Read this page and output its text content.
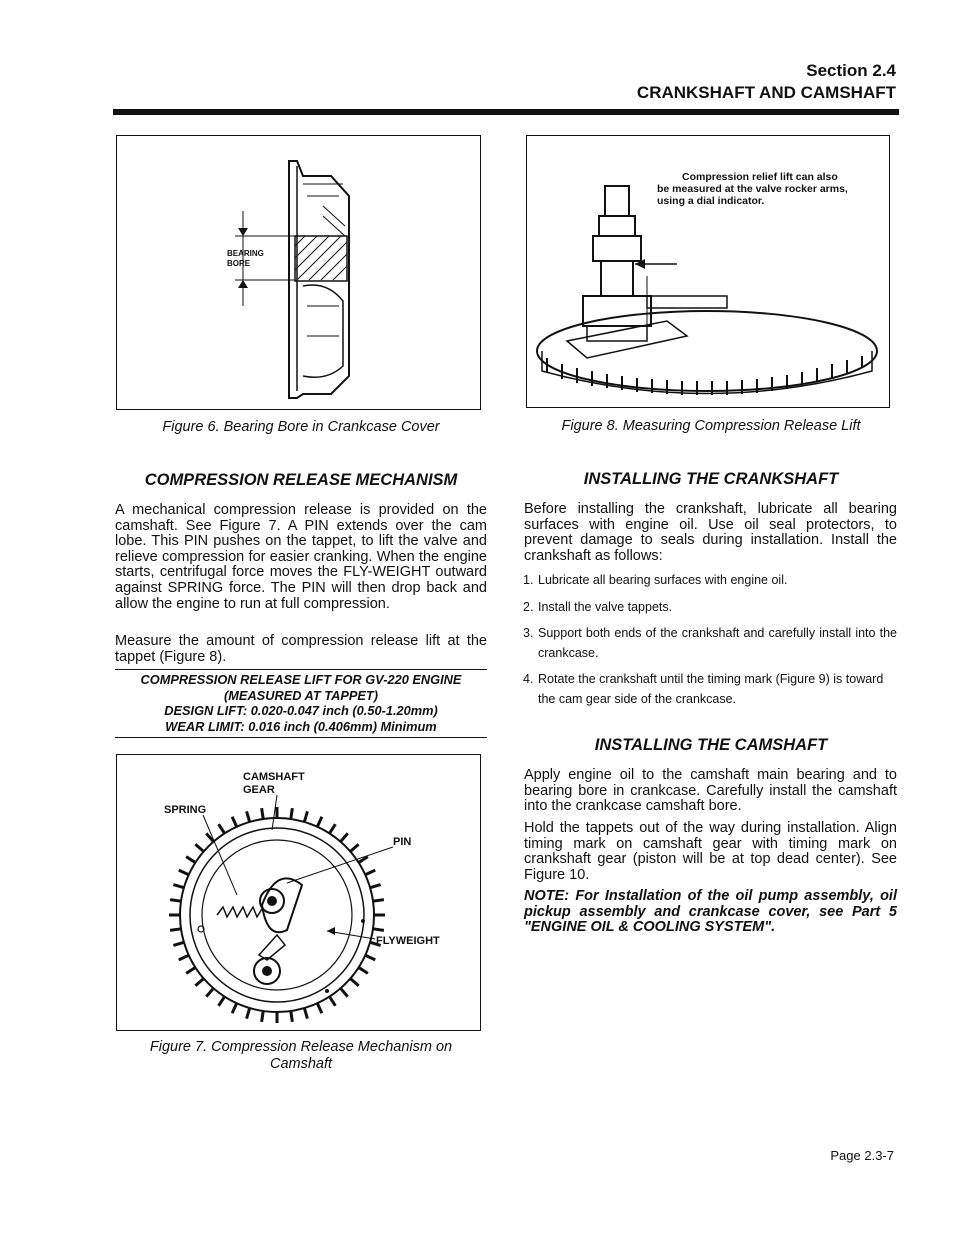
Section 2.4
CRANKSHAFT AND CAMSHAFT
BEARING
BORE
Figure 6. Bearing Bore in Crankcase Cover
Compression relief lift can also
be measured at the valve rocker arms,
using a dial indicator.
Figure 8. Measuring Compression Release Lift
COMPRESSION RELEASE MECHANISM
A mechanical compression release is provided on the camshaft. See Figure 7. A PIN extends over the cam lobe. This PIN pushes on the tappet, to lift the valve and relieve compression for easier cranking. When the engine starts, centrifugal force moves the FLY-WEIGHT outward against SPRING force. The PIN will then drop back and allow the engine to run at full compression.
Measure the amount of compression release lift at the tappet (Figure 8).
COMPRESSION RELEASE LIFT FOR GV-220 ENGINE
(MEASURED AT TAPPET)
DESIGN LIFT: 0.020-0.047 inch (0.50-1.20mm)
WEAR LIMIT: 0.016 inch (0.406mm) Minimum
CAMSHAFT
GEAR
SPRING
PIN
FLYWEIGHT
Figure 7. Compression Release Mechanism on
Camshaft
INSTALLING THE CRANKSHAFT
Before installing the crankshaft, lubricate all bearing surfaces with engine oil. Use oil seal protectors, to prevent damage to seals during installation. Install the crankshaft as follows:
1. Lubricate all bearing surfaces with engine oil.
2. Install the valve tappets.
3. Support both ends of the crankshaft and carefully install into the crankcase.
4. Rotate the crankshaft until the timing mark (Figure 9) is toward the cam gear side of the crankcase.
INSTALLING THE CAMSHAFT
Apply engine oil to the camshaft main bearing and to bearing bore in crankcase. Carefully install the camshaft into the crankcase camshaft bore.
Hold the tappets out of the way during installation. Align timing mark on camshaft gear with timing mark on crankshaft gear (piston will be at top dead center). See Figure 10.
NOTE: For Installation of the oil pump assembly, oil pickup assembly and crankcase cover, see Part 5 "ENGINE OIL & COOLING SYSTEM".
Page 2.3-7
